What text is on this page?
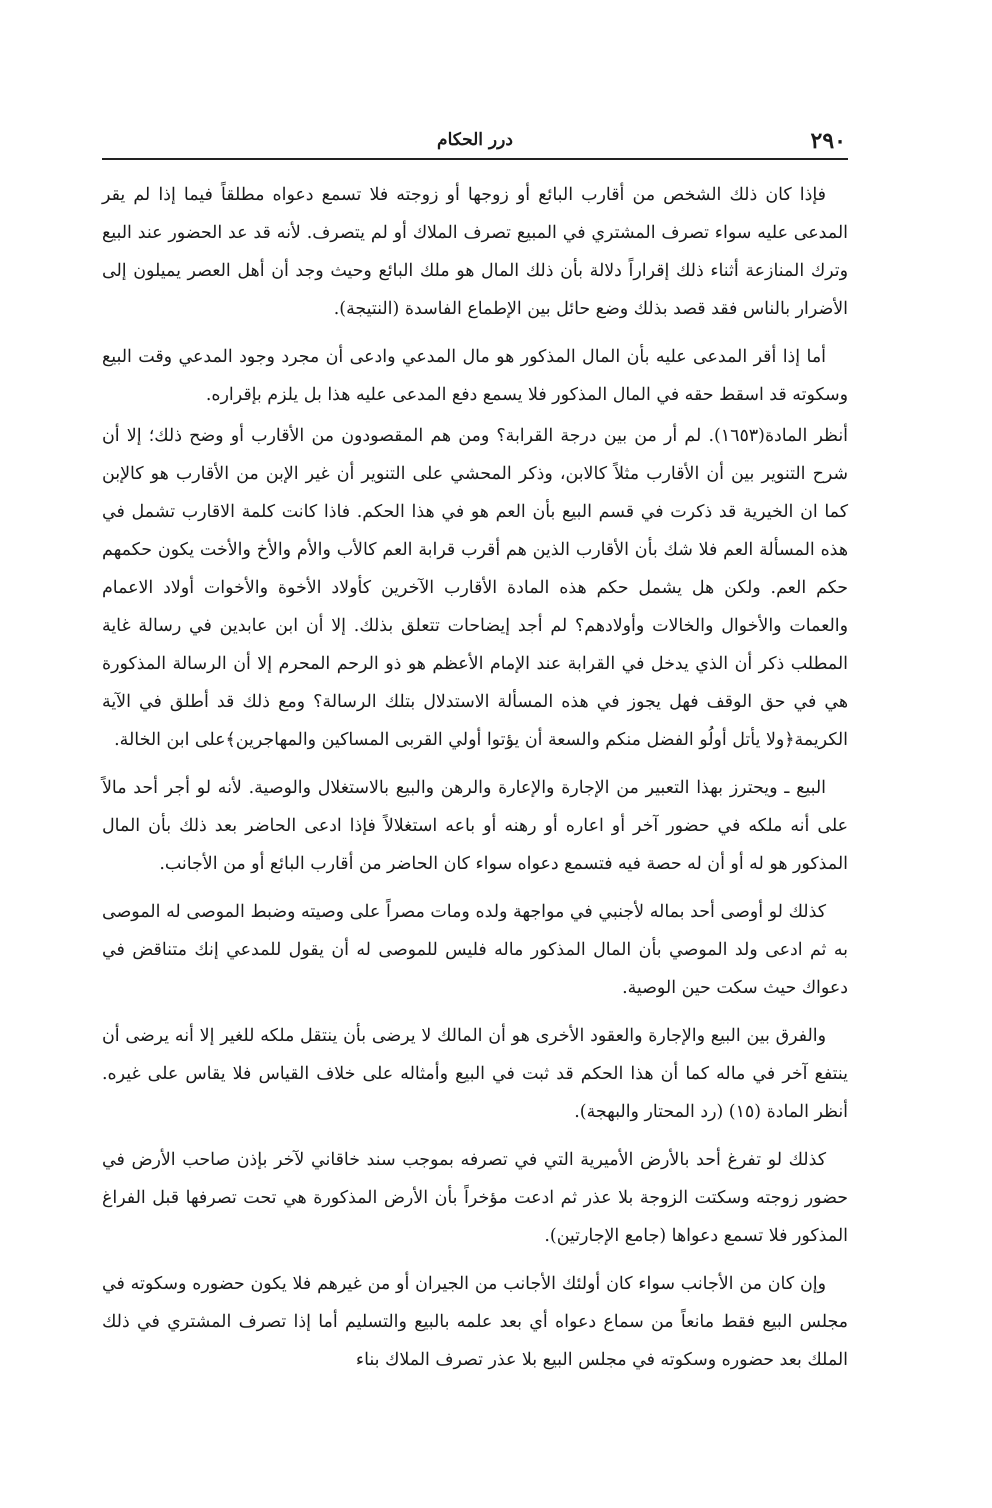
٢٩٠
درر الحكام

فإذا كان ذلك الشخص من أقارب البائع أو زوجها أو زوجته فلا تسمع دعواه مطلقاً فيما إذا لم يقر المدعى عليه سواء تصرف المشتري في المبيع تصرف الملاك أو لم يتصرف. لأنه قد عد الحضور عند البيع وترك المنازعة أثناء ذلك إقراراً دلالة بأن ذلك المال هو ملك البائع وحيث وجد أن أهل العصر يميلون إلى الأضرار بالناس فقد قصد بذلك وضع حائل بين الإطماع الفاسدة (النتيجة).

أما إذا أقر المدعى عليه بأن المال المذكور هو مال المدعي وادعى أن مجرد وجود المدعي وقت البيع وسكوته قد اسقط حقه في المال المذكور فلا يسمع دفع المدعى عليه هذا بل يلزم بإقراره.

أنظر المادة(١٦٥٣). لم أر من بين درجة القرابة؟ ومن هم المقصودون من الأقارب أو وضح ذلك؛ إلا أن شرح التنوير بين أن الأقارب مثلاً كالابن، وذكر المحشي على التنوير أن غير الإبن من الأقارب هو كالإبن كما ان الخيرية قد ذكرت في قسم البيع بأن العم هو في هذا الحكم. فاذا كانت كلمة الاقارب تشمل في هذه المسألة العم فلا شك بأن الأقارب الذين هم أقرب قرابة العم كالأب والأم والأخ والأخت يكون حكمهم حكم العم. ولكن هل يشمل حكم هذه المادة الأقارب الآخرين كأولاد الأخوة والأخوات أولاد الاعمام والعمات والأخوال والخالات وأولادهم؟ لم أجد إيضاحات تتعلق بذلك. إلا أن ابن عابدين في رسالة غاية المطلب ذكر أن الذي يدخل في القرابة عند الإمام الأعظم هو ذو الرحم المحرم إلا أن الرسالة المذكورة هي في حق الوقف فهل يجوز في هذه المسألة الاستدلال بتلك الرسالة؟ ومع ذلك قد أطلق في الآية الكريمة﴿ولا يأتل أولُو الفضل منكم والسعة أن يؤتوا أولي القربى المساكين والمهاجرين﴾على ابن الخالة.

البيع ـ ويحترز بهذا التعبير من الإجارة والإعارة والرهن والبيع بالاستغلال والوصية. لأنه لو أجر أحد مالاً على أنه ملكه في حضور آخر أو اعاره أو رهنه أو باعه استغلالاً فإذا ادعى الحاضر بعد ذلك بأن المال المذكور هو له أو أن له حصة فيه فتسمع دعواه سواء كان الحاضر من أقارب البائع أو من الأجانب.

كذلك لو أوصى أحد بماله لأجنبي في مواجهة ولده ومات مصراً على وصيته وضبط الموصى له الموصى به ثم ادعى ولد الموصي بأن المال المذكور ماله فليس للموصى له أن يقول للمدعي إنك متناقض في دعواك حيث سكت حين الوصية.

والفرق بين البيع والإجارة والعقود الأخرى هو أن المالك لا يرضى بأن ينتقل ملكه للغير إلا أنه يرضى أن ينتفع آخر في ماله كما أن هذا الحكم قد ثبت في البيع وأمثاله على خلاف القياس فلا يقاس على غيره. أنظر المادة (١٥) (رد المحتار والبهجة).

كذلك لو تفرغ أحد بالأرض الأميرية التي في تصرفه بموجب سند خاقاني لآخر بإذن صاحب الأرض في حضور زوجته وسكتت الزوجة بلا عذر ثم ادعت مؤخراً بأن الأرض المذكورة هي تحت تصرفها قبل الفراغ المذكور فلا تسمع دعواها (جامع الإجارتين).

وإن كان من الأجانب سواء كان أولئك الأجانب من الجيران أو من غيرهم فلا يكون حضوره وسكوته في مجلس البيع فقط مانعاً من سماع دعواه أي بعد علمه بالبيع والتسليم أما إذا تصرف المشتري في ذلك الملك بعد حضوره وسكوته في مجلس البيع بلا عذر تصرف الملاك بناء
